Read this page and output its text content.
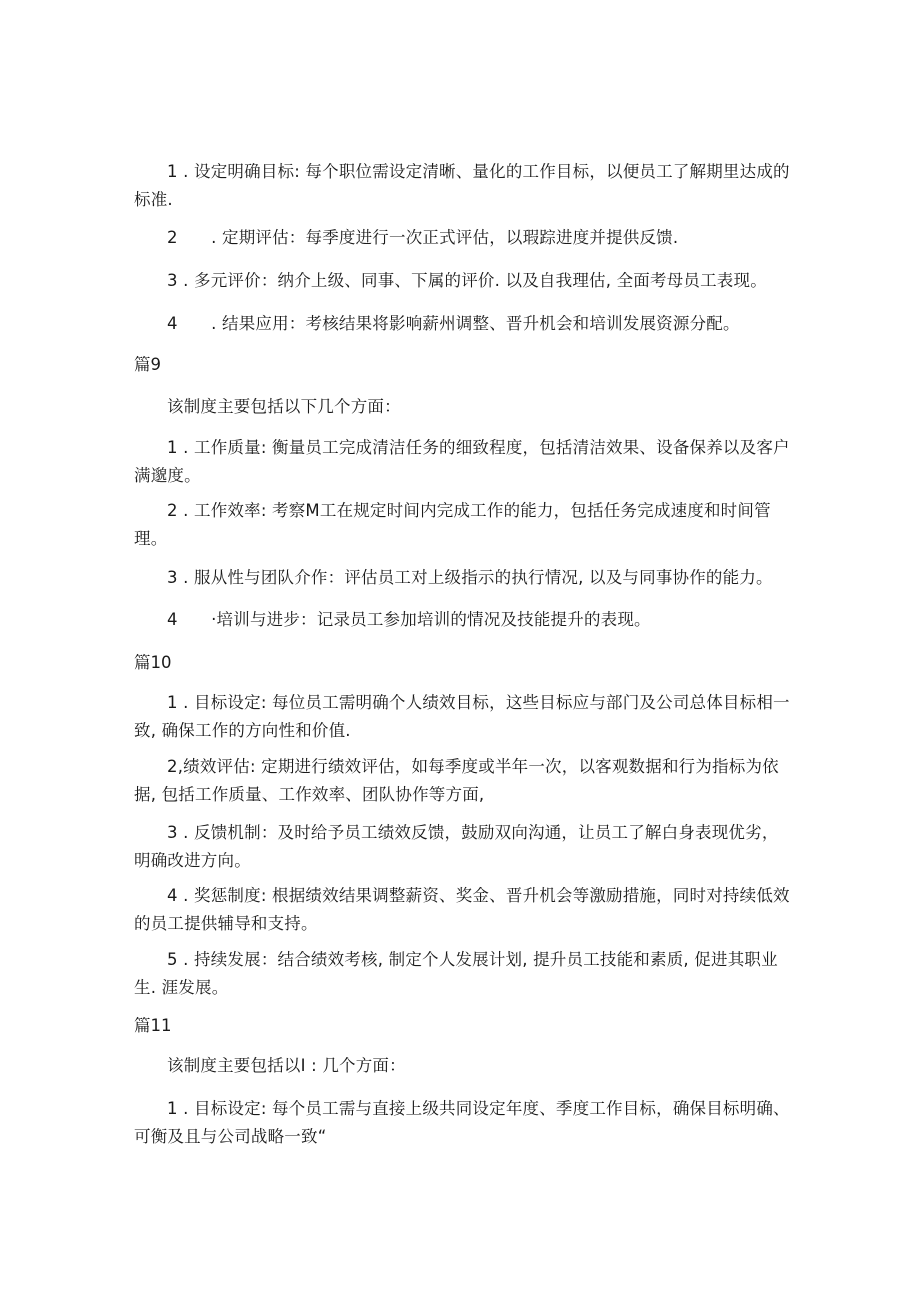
1 . 设定明确目标: 每个职位需设定清晰、量化的工作目标，以便员工了解期里达成的标准.
2　　. 定期评估：每季度进行一次正式评估，以瑕踪进度并提供反馈.
3 . 多元评价：纳介上级、同事、下属的评价. 以及自我理估, 全面考母员工表现。
4　　. 结果应用：考核结果将影响薪州调整、晋升机会和培训发展资源分配。
篇9
该制度主要包括以下几个方面：
1 . 工作质量: 衡量员工完成清洁任务的细致程度，包括清洁效果、设备保养以及客户满邈度。
2 . 工作效率: 考察M工在规定时间内完成工作的能力，包括任务完成速度和时间管理。
3 . 服从性与团队介作：评估员工对上级指示的执行情况, 以及与同事协作的能力。
4　　·培训与进步：记录员工参加培训的情况及技能提升的表现。
篇10
1 . 目标设定: 每位员工需明确个人绩效目标，这些目标应与部门及公司总体目标相一致, 确保工作的方向性和价值.
2,绩效评估: 定期进行绩效评估，如每季度或半年一次，以客观数据和行为指标为依据, 包括工作质量、工作效率、团队协作等方面,
3 . 反馈机制：及时给予员工绩效反馈，鼓励双向沟通，让员工了解白身表现优劣，明确改进方向。
4 . 奖惩制度: 根据绩效结果调整薪资、奖金、晋升机会等激励措施，同时对持续低效的员工提供辅导和支持。
5 . 持续发展：结合绩效考核, 制定个人发展计划, 提升员工技能和素质, 促进其职业生. 涯发展。
篇11
该制度主要包括以I : 几个方面：
1 . 目标设定: 每个员工需与直接上级共同设定年度、季度工作目标，确保目标明确、可衡及且与公司战略一致“
